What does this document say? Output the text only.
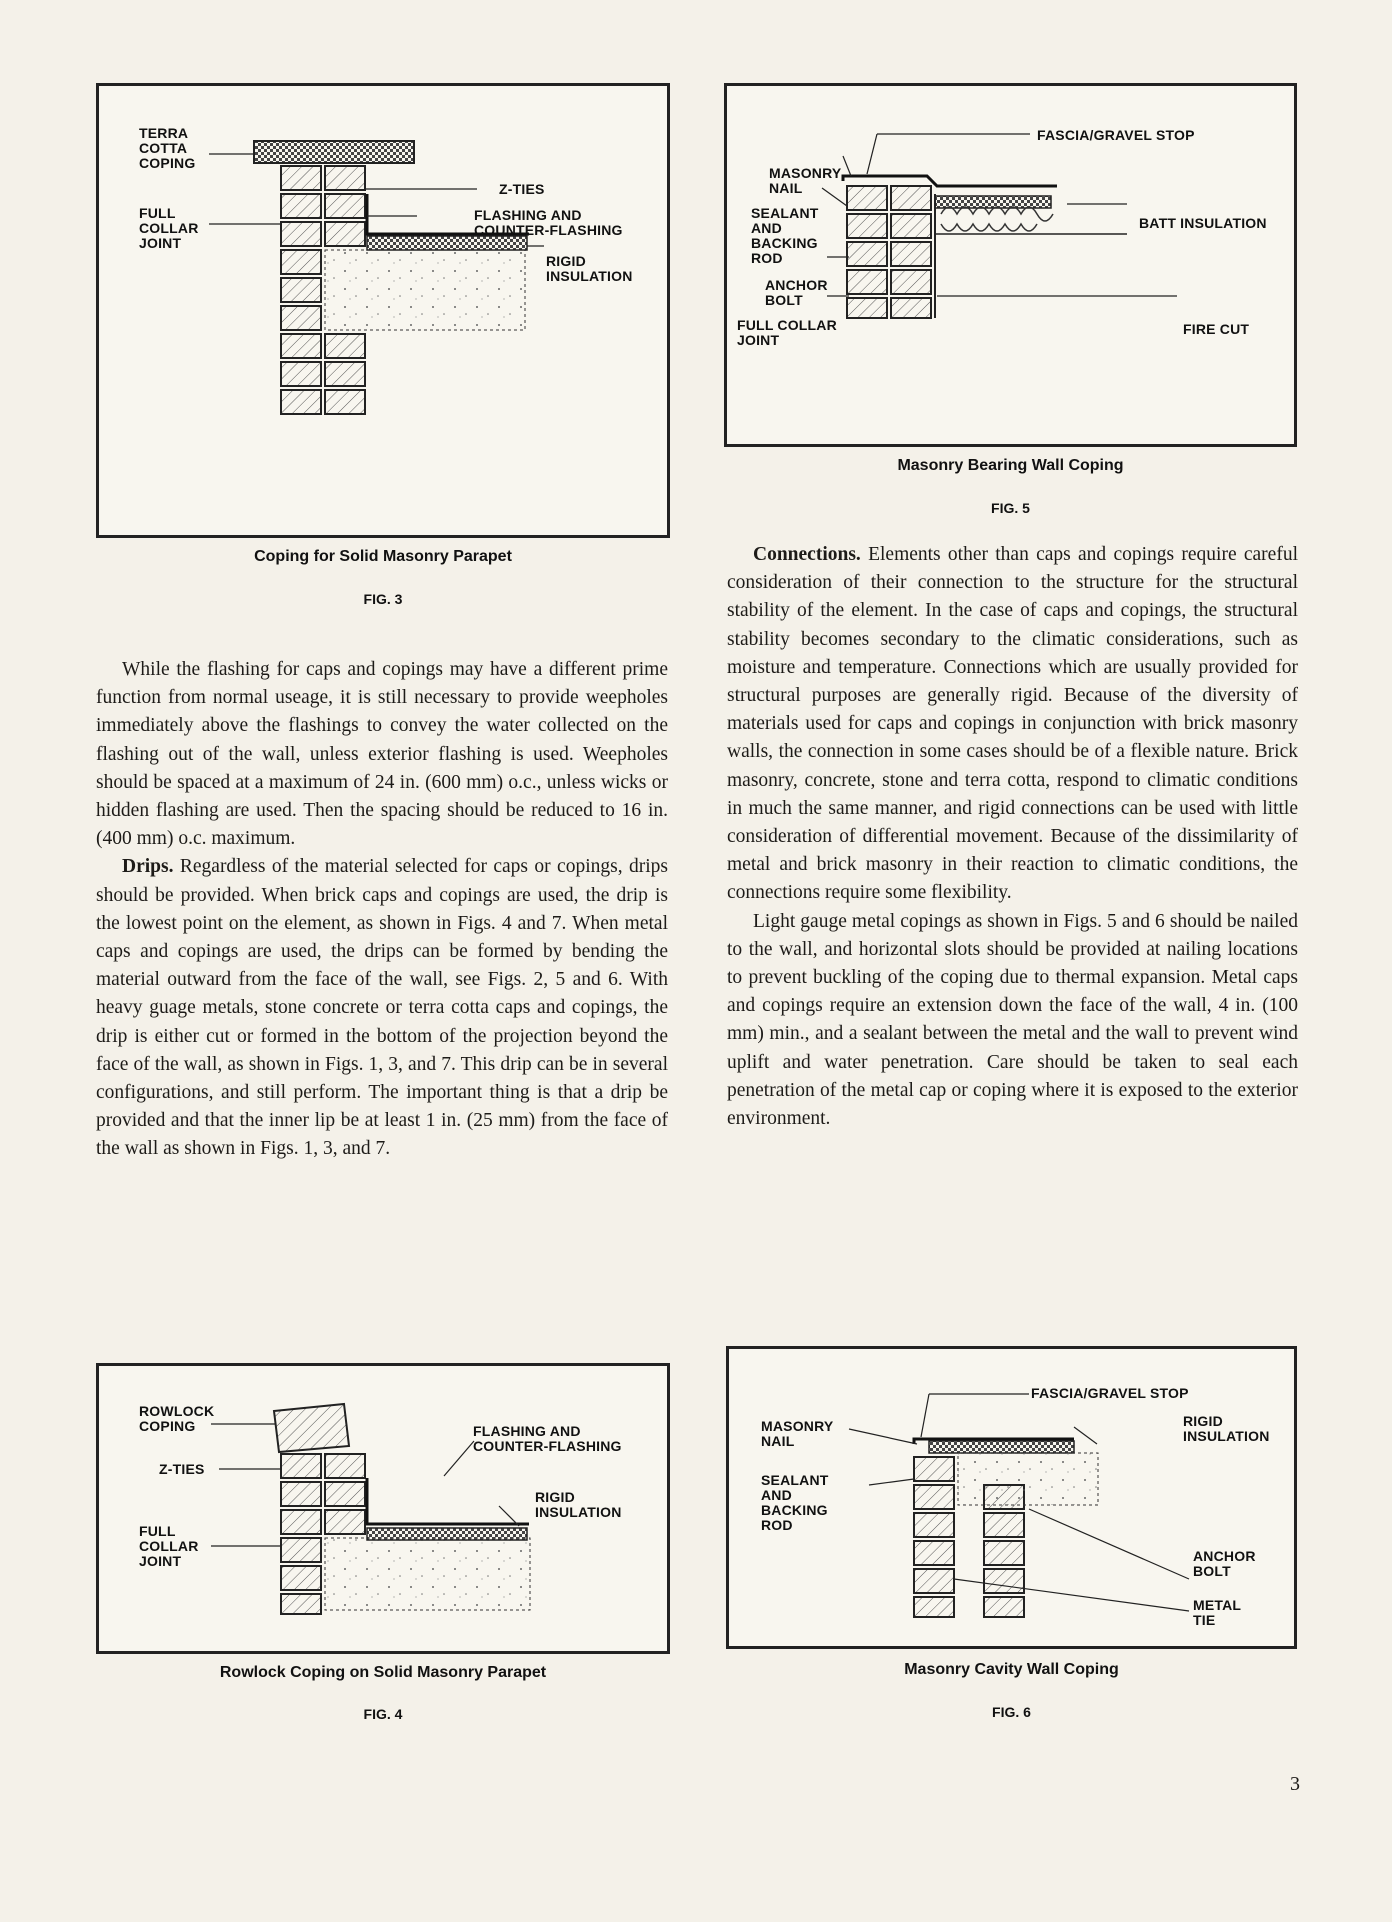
TERRA
COTTA
COPING
FULL
COLLAR
JOINT
Z-TIES
FLASHING AND
COUNTER-FLASHING
RIGID
INSULATION
Coping for Solid Masonry Parapet
FIG. 3
FASCIA/GRAVEL STOP
MASONRY
NAIL
SEALANT
AND
BACKING
ROD
BATT INSULATION
ANCHOR
BOLT
FULL COLLAR
JOINT
FIRE CUT
Masonry Bearing Wall Coping
FIG. 5

While the flashing for caps and copings may have a different prime function from normal useage, it is still necessary to provide weepholes immediately above the flashings to convey the water collected on the flashing out of the wall, unless exterior flashing is used. Weepholes should be spaced at a maximum of 24 in. (600 mm) o.c., unless wicks or hidden flashing are used. Then the spacing should be reduced to 16 in. (400 mm) o.c. maximum.

Drips. Regardless of the material selected for caps or copings, drips should be provided. When brick caps and copings are used, the drip is the lowest point on the element, as shown in Figs. 4 and 7. When metal caps and copings are used, the drips can be formed by bending the material outward from the face of the wall, see Figs. 2, 5 and 6. With heavy guage metals, stone concrete or terra cotta caps and copings, the drip is either cut or formed in the bottom of the projection beyond the face of the wall, as shown in Figs. 1, 3, and 7. This drip can be in several configurations, and still perform. The important thing is that a drip be provided and that the inner lip be at least 1 in. (25 mm) from the face of the wall as shown in Figs. 1, 3, and 7.

Connections. Elements other than caps and copings require careful consideration of their connection to the structure for the structural stability of the element. In the case of caps and copings, the structural stability becomes secondary to the climatic considerations, such as moisture and temperature. Connections which are usually provided for structural purposes are generally rigid. Because of the diversity of materials used for caps and copings in conjunction with brick masonry walls, the connection in some cases should be of a flexible nature. Brick masonry, concrete, stone and terra cotta, respond to climatic conditions in much the same manner, and rigid connections can be used with little consideration of differential movement. Because of the dissimilarity of metal and brick masonry in their reaction to climatic conditions, the connections require some flexibility.

Light gauge metal copings as shown in Figs. 5 and 6 should be nailed to the wall, and horizontal slots should be provided at nailing locations to prevent buckling of the coping due to thermal expansion. Metal caps and copings require an extension down the face of the wall, 4 in. (100 mm) min., and a sealant between the metal and the wall to prevent wind uplift and water penetration. Care should be taken to seal each penetration of the metal cap or coping where it is exposed to the exterior environment.

ROWLOCK
COPING	FLASHING AND
COUNTER-FLASHING
Z-TIES
RIGID
INSULATION
FULL
COLLAR
JOINT
Rowlock Coping on Solid Masonry Parapet
FIG. 4
FASCIA/GRAVEL STOP
MASONRY
NAIL
RIGID
INSULATION
SEALANT
AND
BACKING
ROD
ANCHOR
BOLT
METAL
TIE
Masonry Cavity Wall Coping
FIG. 6
3
